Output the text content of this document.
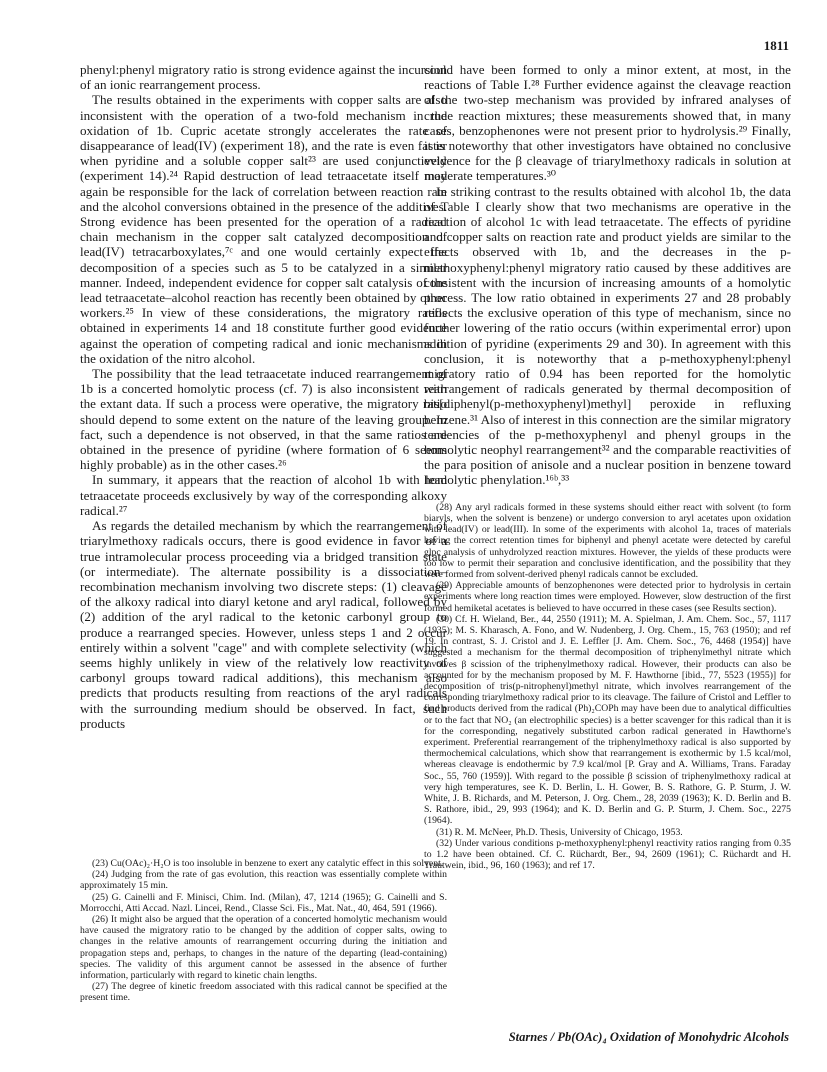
1811

phenyl:phenyl migratory ratio is strong evidence against the incursion of an ionic rearrangement process.

The results obtained in the experiments with copper salts are also inconsistent with the operation of a two-fold mechanism in the oxidation of 1b. Cupric acetate strongly accelerates the rate of disappearance of lead(IV) (experiment 18), and the rate is even faster when pyridine and a soluble copper salt²³ are used conjunctively (experiment 14).²⁴ Rapid destruction of lead tetraacetate itself may again be responsible for the lack of correlation between reaction rate and the alcohol conversions obtained in the presence of the additives. Strong evidence has been presented for the operation of a radical chain mechanism in the copper salt catalyzed decomposition of lead(IV) tetracarboxylates,⁷ᶜ and one would certainly expect the decomposition of a species such as 5 to be catalyzed in a similar manner. Indeed, independent evidence for copper salt catalysis of the lead tetraacetate–alcohol reaction has recently been obtained by other workers.²⁵ In view of these considerations, the migratory ratios obtained in experiments 14 and 18 constitute further good evidence against the operation of competing radical and ionic mechanisms in the oxidation of the nitro alcohol.

The possibility that the lead tetraacetate induced rearrangement of 1b is a concerted homolytic process (cf. 7) is also inconsistent with the extant data. If such a process were operative, the migratory ratio should depend to some extent on the nature of the leaving group. In fact, such a dependence is not observed, in that the same ratios are obtained in the presence of pyridine (where formation of 6 seems highly probable) as in the other cases.²⁶

In summary, it appears that the reaction of alcohol 1b with lead tetraacetate proceeds exclusively by way of the corresponding alkoxy radical.²⁷

As regards the detailed mechanism by which the rearrangement of triarylmethoxy radicals occurs, there is good evidence in favor of a true intramolecular process proceeding via a bridged transition state (or intermediate). The alternate possibility is a dissociation–recombination mechanism involving two discrete steps: (1) cleavage of the alkoxy radical into diaryl ketone and aryl radical, followed by (2) addition of the aryl radical to the ketonic carbonyl group to produce a rearranged species. However, unless steps 1 and 2 occur entirely within a solvent "cage" and with complete selectivity (which seems highly unlikely in view of the relatively low reactivity of carbonyl groups toward radical additions), this mechanism also predicts that products resulting from reactions of the aryl radicals with the surrounding medium should be observed. In fact, such products

(23) Cu(OAc)₂·H₂O is too insoluble in benzene to exert any catalytic effect in this solvent.

(24) Judging from the rate of gas evolution, this reaction was essentially complete within approximately 15 min.

(25) G. Cainelli and F. Minisci, Chim. Ind. (Milan), 47, 1214 (1965); G. Cainelli and S. Morrocchi, Atti Accad. Nazl. Lincei, Rend., Classe Sci. Fis., Mat. Nat., 40, 464, 591 (1966).

(26) It might also be argued that the operation of a concerted homolytic mechanism would have caused the migratory ratio to be changed by the addition of copper salts, owing to changes in the relative amounts of rearrangement occurring during the initiation and propagation steps and, perhaps, to changes in the nature of the departing (lead-containing) species. The validity of this argument cannot be assessed in the absence of further information, particularly with regard to kinetic chain lengths.

(27) The degree of kinetic freedom associated with this radical cannot be specified at the present time.

could have been formed to only a minor extent, at most, in the reactions of Table I.²⁸ Further evidence against the cleavage reaction of the two-step mechanism was provided by infrared analyses of crude reaction mixtures; these measurements showed that, in many cases, benzophenones were not present prior to hydrolysis.²⁹ Finally, it is noteworthy that other investigators have obtained no conclusive evidence for the β cleavage of triarylmethoxy radicals in solution at moderate temperatures.³⁰

In striking contrast to the results obtained with alcohol 1b, the data of Table I clearly show that two mechanisms are operative in the reaction of alcohol 1c with lead tetraacetate. The effects of pyridine and copper salts on reaction rate and product yields are similar to the effects observed with 1b, and the decreases in the p-methoxyphenyl:phenyl migratory ratio caused by these additives are consistent with the incursion of increasing amounts of a homolytic process. The low ratio obtained in experiments 27 and 28 probably reflects the exclusive operation of this type of mechanism, since no further lowering of the ratio occurs (within experimental error) upon addition of pyridine (experiments 29 and 30). In agreement with this conclusion, it is noteworthy that a p-methoxyphenyl:phenyl migratory ratio of 0.94 has been reported for the homolytic rearrangement of radicals generated by thermal decomposition of bis[diphenyl(p-methoxyphenyl)methyl] peroxide in refluxing benzene.³¹ Also of interest in this connection are the similar migratory tendencies of the p-methoxyphenyl and phenyl groups in the homolytic neophyl rearrangement³² and the comparable reactivities of the para position of anisole and a nuclear position in benzene toward homolytic phenylation.¹⁶ᵇ,³³

(28) Any aryl radicals formed in these systems should either react with solvent (to form biaryls, when the solvent is benzene) or undergo conversion to aryl acetates upon oxidation with lead(IV) or lead(III). In some of the experiments with alcohol 1a, traces of materials having the correct retention times for biphenyl and phenyl acetate were detected by careful glpc analysis of unhydrolyzed reaction mixtures. However, the yields of these products were too low to permit their separation and conclusive identification, and the possibility that they were formed from solvent-derived phenyl radicals cannot be excluded.

(29) Appreciable amounts of benzophenones were detected prior to hydrolysis in certain experiments where long reaction times were employed. However, slow destruction of the first formed hemiketal acetates is believed to have occurred in these cases (see Results section).

(30) Cf. H. Wieland, Ber., 44, 2550 (1911); M. A. Spielman, J. Am. Chem. Soc., 57, 1117 (1935); M. S. Kharasch, A. Fono, and W. Nudenberg, J. Org. Chem., 15, 763 (1950); and ref 19. In contrast, S. J. Cristol and J. E. Leffler [J. Am. Chem. Soc., 76, 4468 (1954)] have suggested a mechanism for the thermal decomposition of triphenylmethyl nitrate which involves β scission of the triphenylmethoxy radical. However, their products can also be accounted for by the mechanism proposed by M. F. Hawthorne [ibid., 77, 5523 (1955)] for decomposition of tris(p-nitrophenyl)methyl nitrate, which involves rearrangement of the corresponding triarylmethoxy radical prior to its cleavage. The failure of Cristol and Leffler to find products derived from the radical (Ph)₂COPh may have been due to analytical difficulties or to the fact that NO₂ (an electrophilic species) is a better scavenger for this radical than it is for the corresponding, negatively substituted carbon radical generated in Hawthorne's experiment. Preferential rearrangement of the triphenylmethoxy radical is also supported by thermochemical calculations, which show that rearrangement is exothermic by 1.5 kcal/mol, whereas cleavage is endothermic by 7.9 kcal/mol [P. Gray and A. Williams, Trans. Faraday Soc., 55, 760 (1959)]. With regard to the possible β scission of triphenylmethoxy radical at very high temperatures, see K. D. Berlin, L. H. Gower, B. S. Rathore, G. P. Sturm, J. W. White, J. B. Richards, and M. Peterson, J. Org. Chem., 28, 2039 (1963); K. D. Berlin and B. S. Rathore, ibid., 29, 993 (1964); and K. D. Berlin and G. P. Sturm, J. Chem. Soc., 2275 (1964).

(31) R. M. McNeer, Ph.D. Thesis, University of Chicago, 1953.

(32) Under various conditions p-methoxyphenyl:phenyl reactivity ratios ranging from 0.35 to 1.2 have been obtained. Cf. C. Rüchardt, Ber., 94, 2609 (1961); C. Rüchardt and H. Trautwein, ibid., 96, 160 (1963); and ref 17.

Starnes / Pb(OAc)₄ Oxidation of Monohydric Alcohols
